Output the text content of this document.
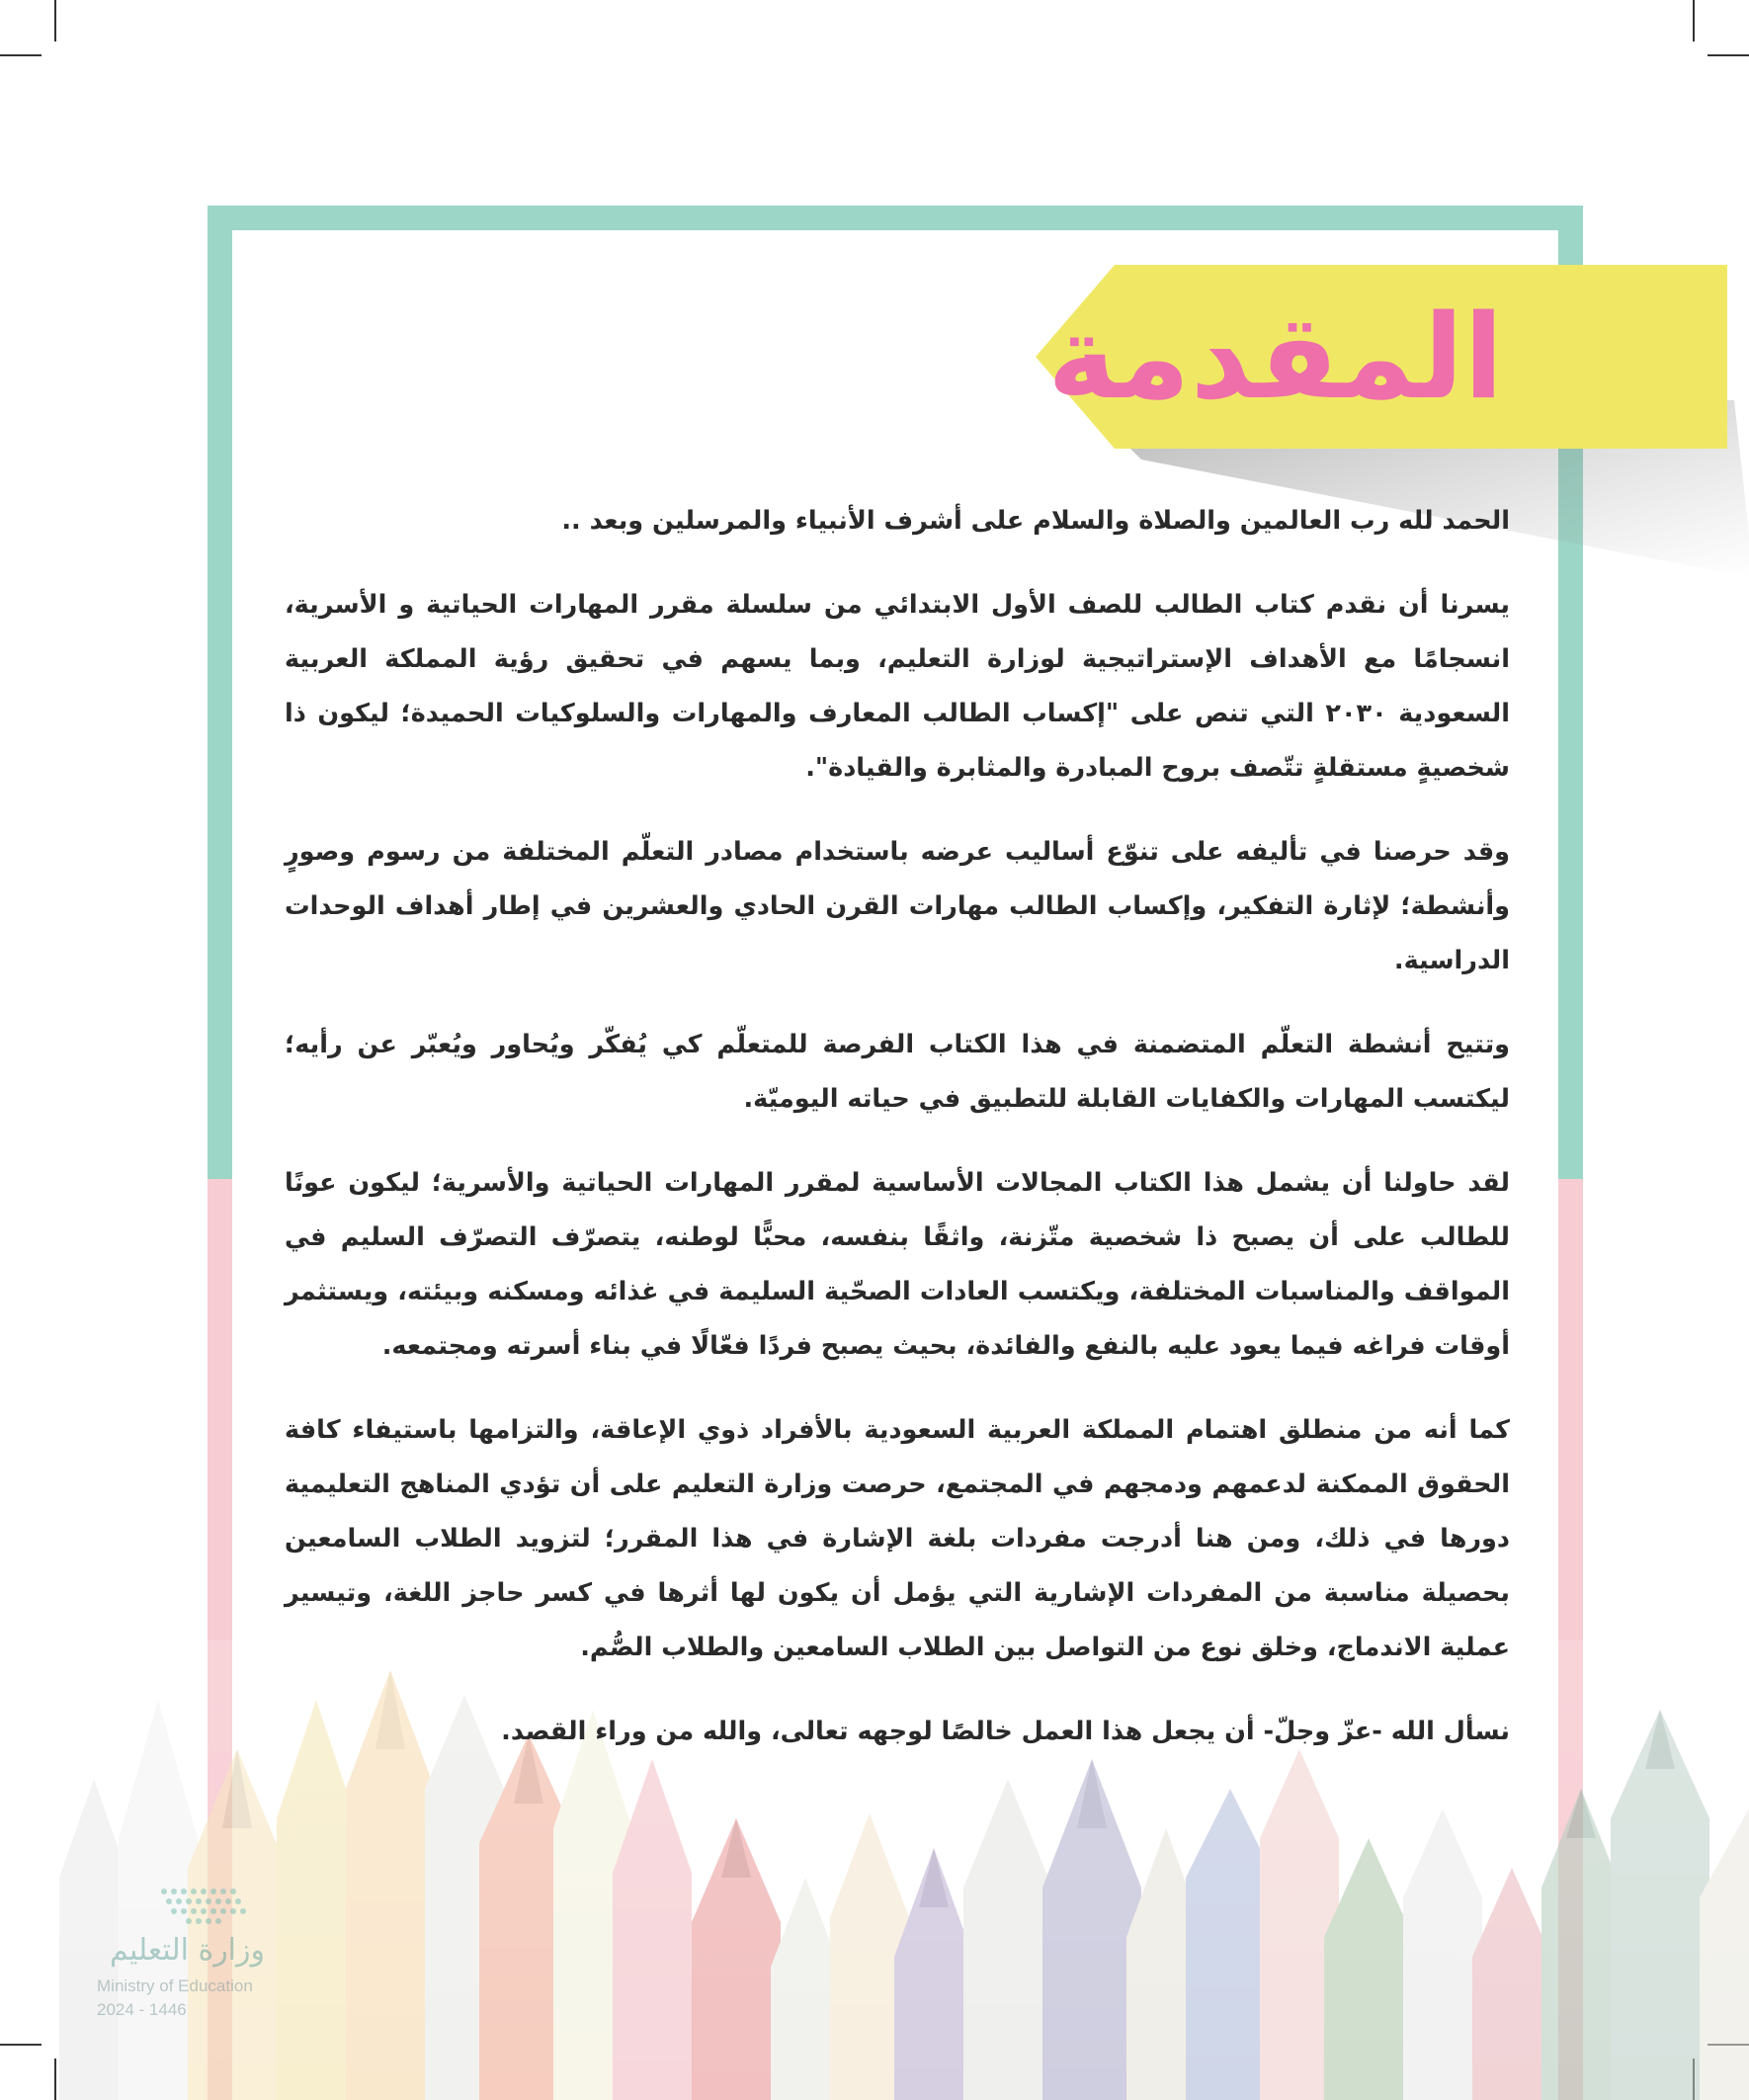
المقدمة

الحمد لله رب العالمين والصلاة والسلام على أشرف الأنبياء والمرسلين وبعد ..

يسرنا أن نقدم كتاب الطالب للصف الأول الابتدائي من سلسلة مقرر المهارات الحياتية و الأسرية، انسجامًا مع الأهداف الإستراتيجية لوزارة التعليم، وبما يسهم في تحقيق رؤية المملكة العربية السعودية ٢٠٣٠ التي تنص على "إكساب الطالب المعارف والمهارات والسلوكيات الحميدة؛ ليكون ذا شخصيةٍ مستقلةٍ تتّصف بروح المبادرة والمثابرة والقيادة".

وقد حرصنا في تأليفه على تنوّع أساليب عرضه باستخدام مصادر التعلّم المختلفة من رسوم وصورٍ وأنشطة؛ لإثارة التفكير، وإكساب الطالب مهارات القرن الحادي والعشرين في إطار أهداف الوحدات الدراسية.

وتتيح أنشطة التعلّم المتضمنة في هذا الكتاب الفرصة للمتعلّم كي يُفكّر ويُحاور ويُعبّر عن رأيه؛ ليكتسب المهارات والكفايات القابلة للتطبيق في حياته اليوميّة.

لقد حاولنا أن يشمل هذا الكتاب المجالات الأساسية لمقرر المهارات الحياتية والأسرية؛ ليكون عونًا للطالب على أن يصبح ذا شخصية متّزنة، واثقًا بنفسه، محبًّا لوطنه، يتصرّف التصرّف السليم في المواقف والمناسبات المختلفة، ويكتسب العادات الصحّية السليمة في غذائه ومسكنه وبيئته، ويستثمر أوقات فراغه فيما يعود عليه بالنفع والفائدة، بحيث يصبح فردًا فعّالًا في بناء أسرته ومجتمعه.

كما أنه من منطلق اهتمام المملكة العربية السعودية بالأفراد ذوي الإعاقة، والتزامها باستيفاء كافة الحقوق الممكنة لدعمهم ودمجهم في المجتمع، حرصت وزارة التعليم على أن تؤدي المناهج التعليمية دورها في ذلك، ومن هنا أدرجت مفردات بلغة الإشارة في هذا المقرر؛ لتزويد الطلاب السامعين بحصيلة مناسبة من المفردات الإشارية التي يؤمل أن يكون لها أثرها في كسر حاجز اللغة، وتيسير عملية الاندماج، وخلق نوع من التواصل بين الطلاب السامعين والطلاب الصُّم.

نسأل الله -عزّ وجلّ- أن يجعل هذا العمل خالصًا لوجهه تعالى، والله من وراء القصد.

وزارة التعليم
Ministry of Education
2024 - 1446
